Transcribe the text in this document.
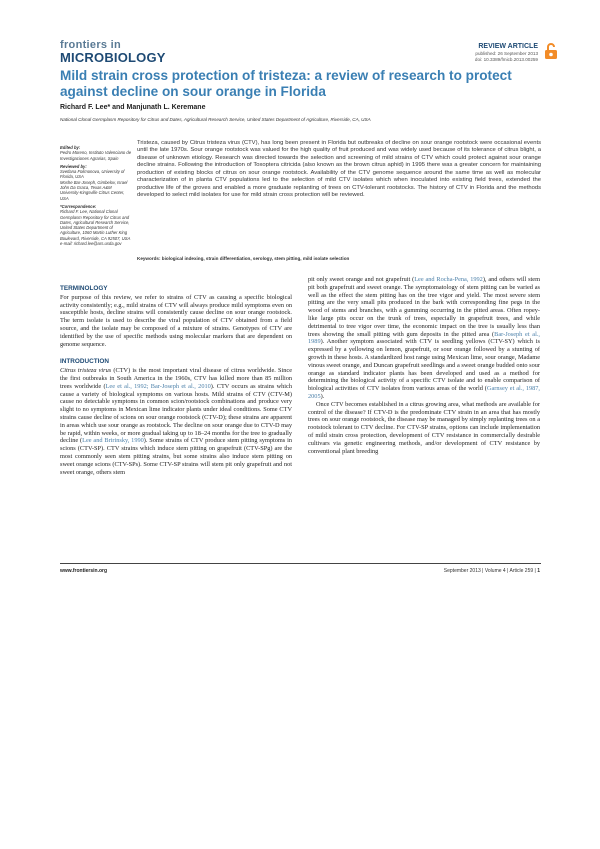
frontiers in
MICROBIOLOGY
REVIEW ARTICLE
published: 26 September 2013
doi: 10.3389/fmicb.2013.00259
Mild strain cross protection of tristeza: a review of research to protect against decline on sour orange in Florida
Richard F. Lee* and Manjunath L. Keremane
National Clonal Germplasm Repository for Citrus and Dates, Agricultural Research Service, United States Department of Agriculture, Riverside, CA, USA
Edited by:
Pedro Moreno, Instituto Valenciano de Investigaciones Agrarias, Spain
Reviewed by:
Svetlana Folimonova, University of Florida, USA
Moshe Bar-Joseph, Gimbelov, Israel
John Da Graca, Texas A&M University-Kingsville Citrus Center, USA
*Correspondence:
Richard F. Lee, National Clonal Germplasm Repository for Citrus and Dates, Agricultural Research Service, United States Department of Agriculture, 1060 Martin Luther King Boulevard, Riverside, CA 92507, USA
e-mail: richard.lee@ars.usda.gov

Tristeza, caused by Citrus tristeza virus (CTV), has long been present in Florida but outbreaks of decline on sour orange rootstock were occasional events until the late 1970s. Sour orange rootstock was valued for the high quality of fruit produced and was widely used because of its tolerance of citrus blight, a disease of unknown etiology. Research was directed towards the selection and screening of mild strains of CTV which could protect against sour orange decline strains. Following the introduction of Toxoptera citricida (also known as the brown citrus aphid) in 1995 there was a greater concern for maintaining production of existing blocks of citrus on sour orange rootstock. Availability of the CTV genome sequence around the same time as well as molecular characterization of in planta CTV populations led to the selection of mild CTV isolates which when inoculated into existing field trees, extended the productive life of the groves and enabled a more graduate replanting of trees on CTV-tolerant rootstocks. The history of CTV in Florida and the methods developed to select mild isolates for use for mild strain cross protection will be reviewed.

Keywords: biological indexing, strain differentiation, serology, stem pitting, mild isolate selection
TERMINOLOGY

For purpose of this review, we refer to strains of CTV as causing a specific biological activity consistently; e.g., mild strains of CTV will always produce mild symptoms even on susceptible hosts, decline strains will consistently cause decline on sour orange rootstock. The term isolate is used to describe the viral population of CTV obtained from a field source, and the isolate may be composed of a mixture of strains. Genotypes of CTV are identified by the use of specific methods using molecular markers that are dependent on genome sequence.

INTRODUCTION

Citrus tristeza virus (CTV) is the most important viral disease of citrus worldwide. Since the first outbreaks in South America in the 1960s, CTV has killed more than 85 million trees worldwide (Lee et al., 1992; Bar-Joseph et al., 2010). CTV occurs as strains which cause a variety of biological symptoms on various hosts. Mild strains of CTV (CTV-M) cause no detectable symptoms in common scion/rootstock combinations and produce very slight to no symptoms in Mexican lime indicator plants under ideal conditions. Some CTV strains cause decline of scions on sour orange rootstock (CTV-D); these strains are apparent in areas which use sour orange as rootstock. The decline on sour orange due to CTV-D may be rapid, within weeks, or more gradual taking up to 18–24 months for the tree to gradually decline (Lee and Bririnsky, 1990). Some strains of CTV produce stem pitting symptoms in scions (CTV-SP). CTV strains which induce stem pitting on grapefruit (CTV-SPg) are the most commonly seen stem pitting strains, but some strains also induce stem pitting on sweet orange scions (CTV-SPs). Some CTV-SP strains will stem pit only grapefruit and not sweet orange, others stem

pit only sweet orange and not grapefruit (Lee and Rocha-Pena, 1992), and others will stem pit both grapefruit and sweet orange. The symptomatology of stem pitting can be varied as well as the effect the stem pitting has on the tree vigor and yield. The most severe stem pitting are the very small pits produced in the bark with corresponding fine pegs in the wood of stems and branches, with a gumming occurring in the pitted areas. Often ropey-like large pits occur on the trunk of trees, especially in grapefruit trees, and while detrimental to tree vigor over time, the economic impact on the tree is usually less than trees showing the small pitting with gum deposits in the pitted area (Bar-Joseph et al., 1989). Another symptom associated with CTV is seedling yellows (CTV-SY) which is expressed by a yellowing on lemon, grapefruit, or sour orange followed by a stunting of growth in these hosts. A standardized host range using Mexican lime, sour orange, Madame vinous sweet orange, and Duncan grapefruit seedlings and a sweet orange budded onto sour orange as standard indicator plants has been developed and used as a method for determining the biological activity of a specific CTV isolate and to enable comparison of biological activities of CTV isolates from various areas of the world (Garnsey et al., 1987, 2005).

Once CTV becomes established in a citrus growing area, what methods are available for control of the disease? If CTV-D is the predominate CTV strain in an area that has mostly trees on sour orange rootstock, the disease may be managed by simply replanting trees on a rootstock tolerant to CTV decline. For CTV-SP strains, options can include implementation of mild strain cross protection, development of CTV resistance in commercially desirable cultivars via genetic engineering methods, and/or development of CTV resistance by conventional plant breeding

www.frontiersin.org	September 2013 | Volume 4 | Article 259 | 1
